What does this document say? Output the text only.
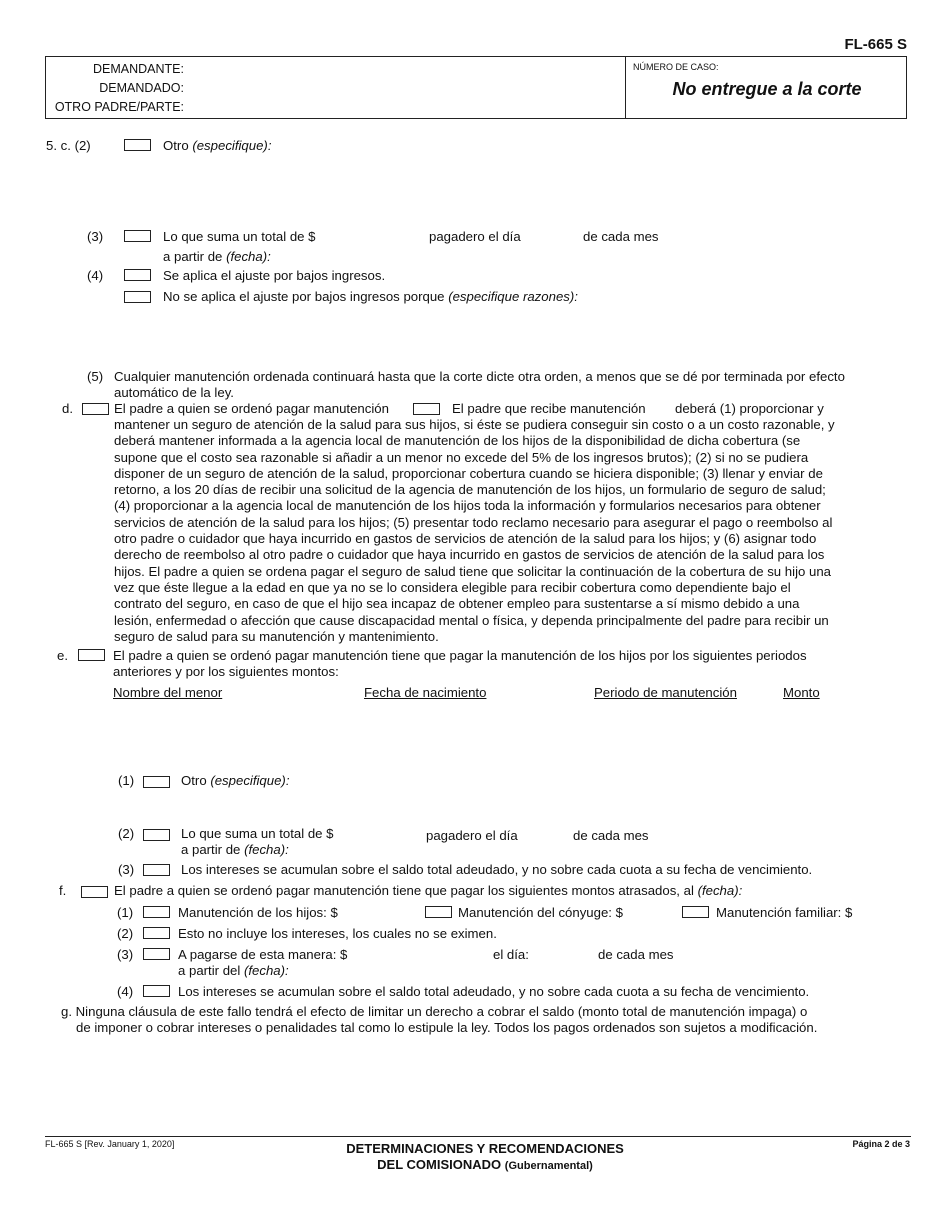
FL-665 S
DEMANDANTE:
DEMANDADO:
OTRO PADRE/PARTE:
NÚMERO DE CASO:
No entregue a la corte
5. c. (2)	Otro (especifique):
(3)	Lo que suma un total de $	pagadero el día	de cada mes
a partir de (fecha):
(4)	Se aplica el ajuste por bajos ingresos.
No se aplica el ajuste por bajos ingresos porque (especifique razones):
(5) Cualquier manutención ordenada continuará hasta que la corte dicte otra orden, a menos que se dé por terminada por efecto
automático de la ley.
d.	El padre a quien se ordenó pagar manutención	El padre que recibe manutención deberá (1) proporcionar y
mantener un seguro de atención de la salud para sus hijos, si éste se pudiera conseguir sin costo o a un costo razonable, y
deberá mantener informada a la agencia local de manutención de los hijos de la disponibilidad de dicha cobertura (se
supone que el costo sea razonable si añadir a un menor no excede del 5% de los ingresos brutos); (2) si no se pudiera
disponer de un seguro de atención de la salud, proporcionar cobertura cuando se hiciera disponible; (3) llenar y enviar de
retorno, a los 20 días de recibir una solicitud de la agencia de manutención de los hijos, un formulario de seguro de salud;
(4) proporcionar a la agencia local de manutención de los hijos toda la información y formularios necesarios para obtener
servicios de atención de la salud para los hijos; (5) presentar todo reclamo necesario para asegurar el pago o reembolso al
otro padre o cuidador que haya incurrido en gastos de servicios de atención de la salud para los hijos; y (6) asignar todo
derecho de reembolso al otro padre o cuidador que haya incurrido en gastos de servicios de atención de la salud para los
hijos. El padre a quien se ordena pagar el seguro de salud tiene que solicitar la continuación de la cobertura de su hijo una
vez que éste llegue a la edad en que ya no se lo considera elegible para recibir cobertura como dependiente bajo el
contrato del seguro, en caso de que el hijo sea incapaz de obtener empleo para sustentarse a sí mismo debido a una
lesión, enfermedad o afección que cause discapacidad mental o física, y dependa principalmente del padre para recibir un
seguro de salud para su manutención y mantenimiento.
e.	El padre a quien se ordenó pagar manutención tiene que pagar la manutención de los hijos por los siguientes periodos
anteriores y por los siguientes montos:
Nombre del menor	Fecha de nacimiento	Periodo de manutención	Monto
(1)	Otro (especifique):
(2)	Lo que suma un total de $	pagadero el día	de cada mes
a partir de (fecha):
(3)	Los intereses se acumulan sobre el saldo total adeudado, y no sobre cada cuota a su fecha de vencimiento.
f.	El padre a quien se ordenó pagar manutención tiene que pagar los siguientes montos atrasados, al (fecha):
(1)	Manutención de los hijos: $	Manutención del cónyuge: $	Manutención familiar: $
(2)	Esto no incluye los intereses, los cuales no se eximen.
(3)	A pagarse de esta manera: $	el día:	de cada mes
a partir del (fecha):
(4)	Los intereses se acumulan sobre el saldo total adeudado, y no sobre cada cuota a su fecha de vencimiento.
g. Ninguna cláusula de este fallo tendrá el efecto de limitar un derecho a cobrar el saldo (monto total de manutención impaga) o
de imponer o cobrar intereses o penalidades tal como lo estipule la ley. Todos los pagos ordenados son sujetos a modificación.
FL-665 S [Rev. January 1, 2020]	DETERMINACIONES Y RECOMENDACIONES
DEL COMISIONADO (Gubernamental)
Página 2 de 3
